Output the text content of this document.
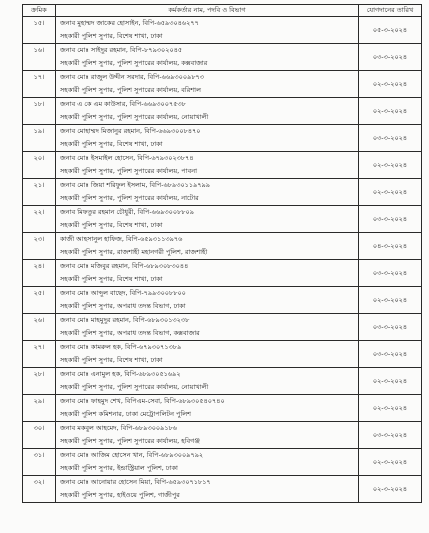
ক্রমিক	কর্মকর্তার নাম, পদবি ও বিভাগ	যোগদানের তারিখ
১৫।	জনাব মুহাম্মদ জাকের হোসাইন, বিপি-৬৫৯৩০৪৬২৭৭
সহকারী পুলিশ সুপার, বিশেষ শাখা, ঢাকা	০৫-৩-২০২৪
১৬।	জনাব মোঃ সাইদুর রহমান, বিপি-৮৭৯৩০২০৪৫
সহকারী পুলিশ সুপার, পুলিশ সুপারের কার্যালয়, কক্সবাজার	০৩-৩-২০২৪
১৭।	জনাব মোঃ রাজুল উদ্দীন সরদার, বিপি-৬৬৯৩০০৯৮৭৩
সহকারী পুলিশ সুপার, পুলিশ সুপারের কার্যালয়, বরিশাল	০২-৩-২০২৪
১৮।	জনাব এ কে এম কাউসার, বিপি-৬৬৯৩০০৭৫৩৮
সহকারী পুলিশ সুপার, পুলিশ সুপারের কার্যালয়, নোয়াখালী	০২-৩-২০২৪
১৯।	জনাব মোহাম্মদ মিজানুর রহমান, বিপি-৬৬৯৩০০৮৪৭০
সহকারী পুলিশ সুপার, বিশেষ শাখা, ঢাকা	০৩-৩-২০২৪
২০।	জনাব মোঃ ইসমাইল হোসেন, বিপি-৬৭৯৩০২৩৮৭৪
সহকারী পুলিশ সুপার, পুলিশ সুপারের কার্যালয়, পাবনা	০২-৩-২০২৪
২১।	জনাব মোঃ জিয়া শরিফুল ইসলাম, বিপি-৬৮৯৩০১১৯৭৯৯
সহকারী পুলিশ সুপার, পুলিশ সুপারের কার্যালয়, নাটোর	০২-৩-২০২৪
২২।	জনাব মিফতুর রহমান চৌধুরী, বিপি-৬৬৯৩০০৮৮০৯
সহকারী পুলিশ সুপার, বিশেষ শাখা, ঢাকা	০৩-৩-২০২৪
২৩।	কাজী আহসানুল হাফিজ, বিপি-৬৫৯৩১১৩৯৭৬
সহকারী পুলিশ সুপার, রাজশাহী মহানগরী পুলিশ, রাজশাহী	০৪-৩-২০২৪
২৪।	জনাব মোঃ মজিবুর রহমান, বিপি-৬৮৯৩০৮৩০৪৪
সহকারী পুলিশ সুপার, বিশেষ শাখা, ঢাকা	০৩-৩-২০২৪
২৫।	জনাব মোঃ আব্দুল বাছেদ, বিপি-৭৯৯৩০০৮৮০০
সহকারী পুলিশ সুপার, অপরাধ তদন্ত বিভাগ, ঢাকা	০২-৩-২০২৪
২৬।	জনাব মোঃ মাহমুদুর রহমান, বিপি-৬৮৯৩০১৩২৩৮
সহকারী পুলিশ সুপার, অপরাধ তদন্ত বিভাগ, কক্সবাজার	০৩-৩-২০২৪
২৭।	জনাব মোঃ কামরুল হক, বিপি-৬৭৯৩০৭১৩৮৯
সহকারী পুলিশ সুপার, বিশেষ শাখা, ঢাকা	০৩-৩-২০২৪
২৮।	জনাব মোঃ এনামুল হক, বিপি-৬৮৯৩০৫১৬৯২
সহকারী পুলিশ সুপার, পুলিশ সুপারের কার্যালয়, নোয়াখালী	০২-৩-২০২৪
২৯।	জনাব মোঃ ফাহমুদ শেখ, বিপিএম-সেবা, বিপি-৬৮৯৩০৫৪০৭৪০
সহকারী পুলিশ কমিশনার, ঢাকা মেট্রোপলিটন পুলিশ	০২-৩-২০২৪
৩০।	জনাব মকবুল আহমেদ, বিপি-৬৮৯৩০০৯১৮৬
সহকারী পুলিশ সুপার, পুলিশ সুপারের কার্যালয়, হবিগঞ্জ	০৩-৩-২০২৪
৩১।	জনাব মোঃ আজিম হোসেন খান, বিপি-৬৮৯৩০০৯৭৯২
সহকারী পুলিশ সুপার, ইন্ডাস্ট্রিয়াল পুলিশ, ঢাকা	০২-৩-২০২৪
৩২।	জনাব মোঃ আনোয়ার হোসেন মিয়া, বিপি-৬৫৯৩০৭১৮১৭
সহকারী পুলিশ সুপার, হাইওয়ে পুলিশ, গাজীপুর	০২-৩-২০২৪
